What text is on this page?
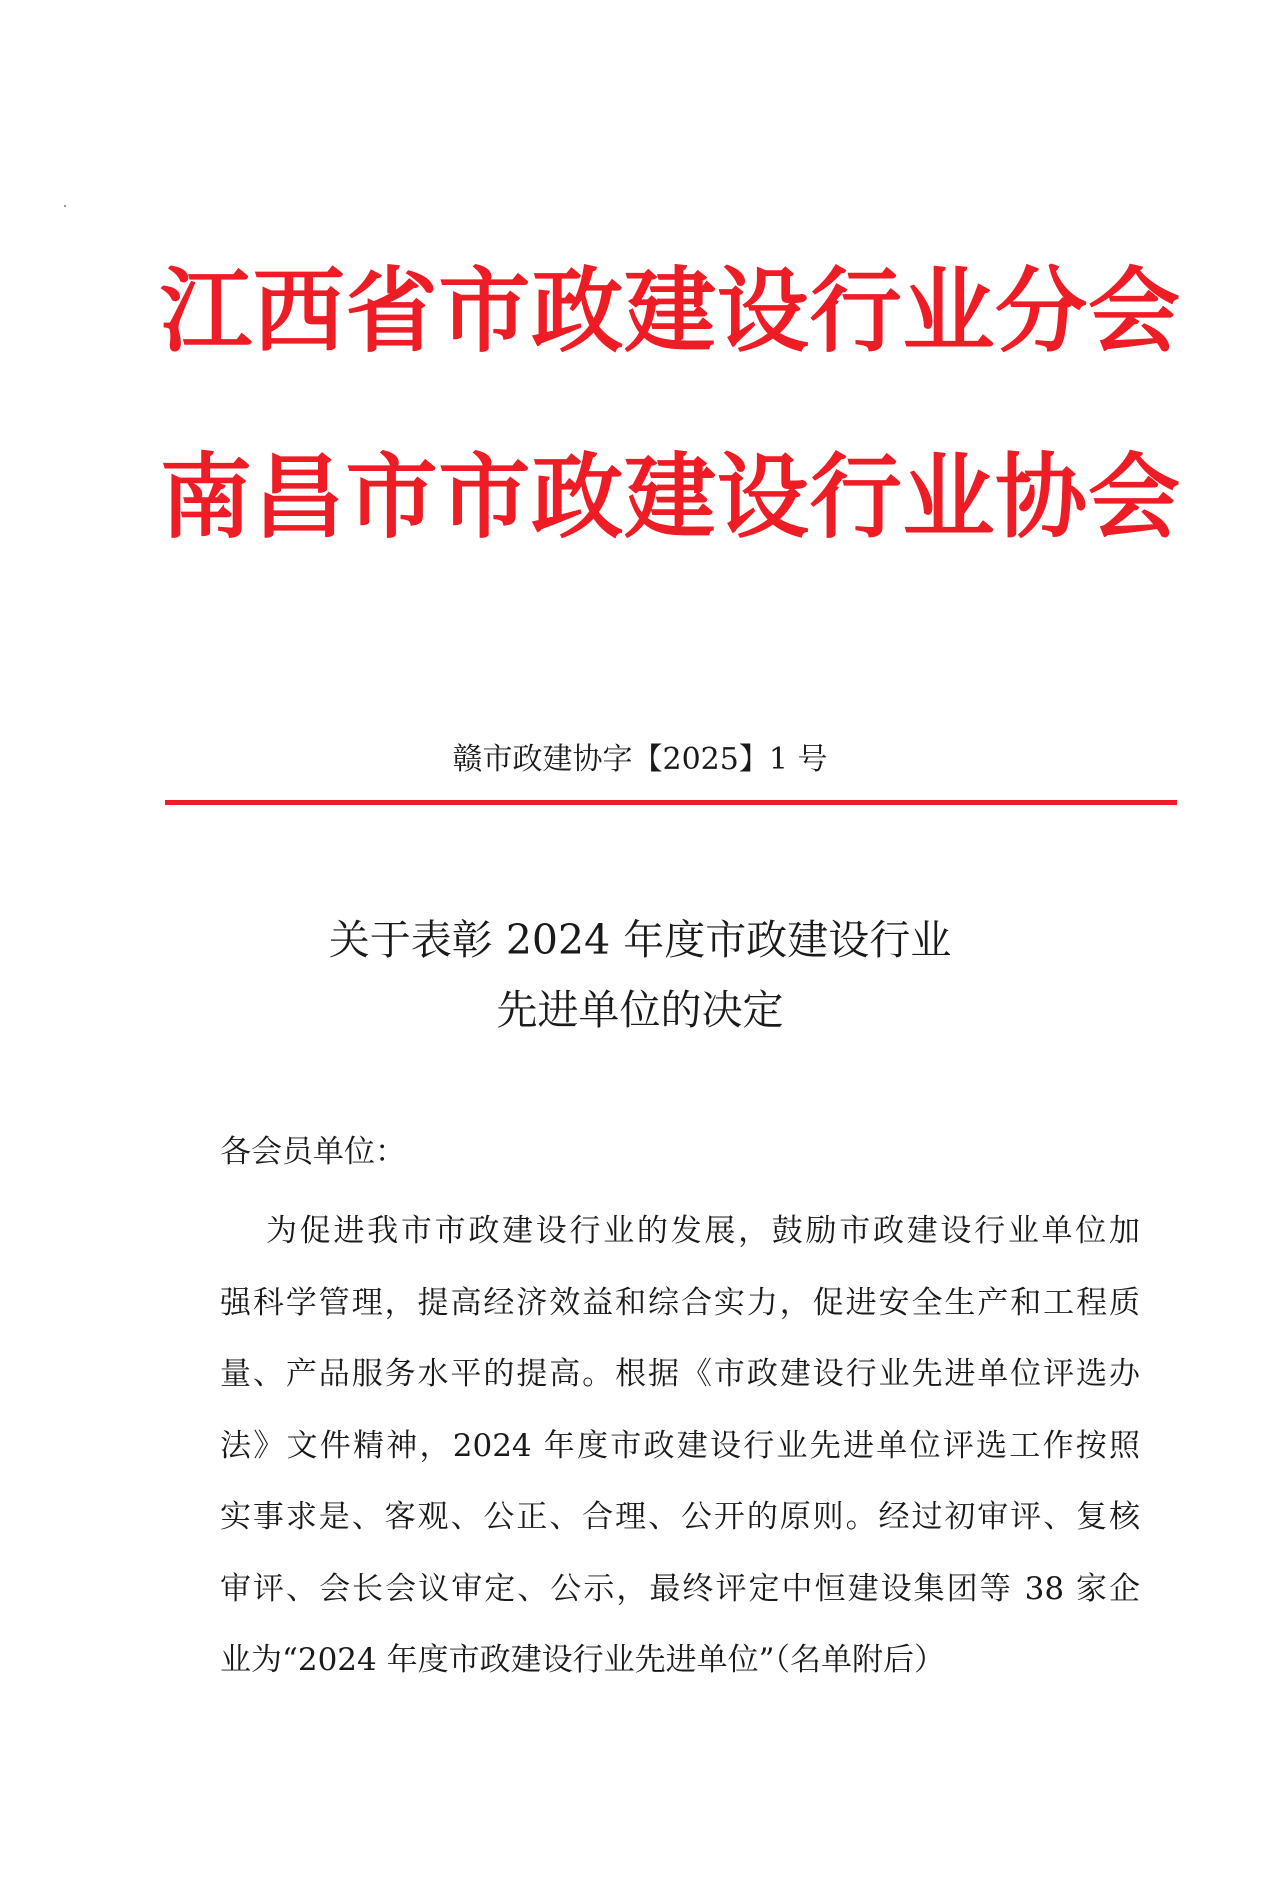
江西省市政建设行业分会
南昌市市政建设行业协会
赣市政建协字【2025】1 号
关于表彰 2024 年度市政建设行业
先进单位的决定
各会员单位：
为促进我市市政建设行业的发展，鼓励市政建设行业单位加
强科学管理，提高经济效益和综合实力，促进安全生产和工程质
量、产品服务水平的提高。根据《市政建设行业先进单位评选办
法》文件精神，2024 年度市政建设行业先进单位评选工作按照
实事求是、客观、公正、合理、公开的原则。经过初审评、复核
审评、会长会议审定、公示，最终评定中恒建设集团等 38 家企
业为“2024 年度市政建设行业先进单位”（名单附后）
